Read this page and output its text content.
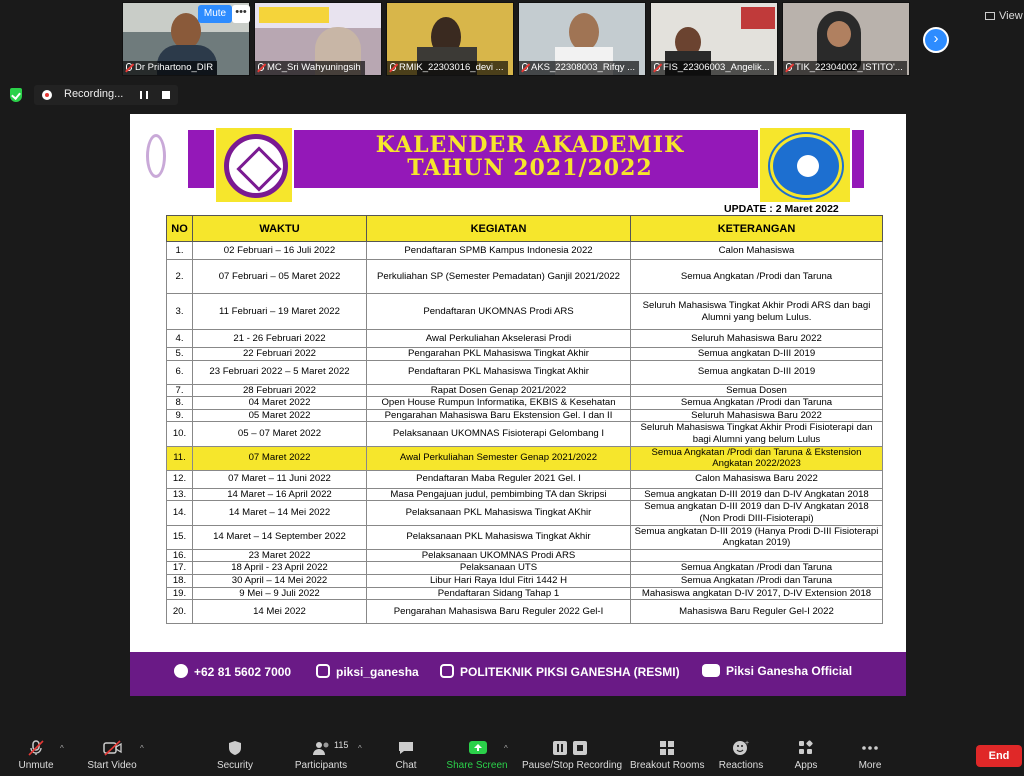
Dr Prihartono_DIR	MC_Sri Wahyuningsih	RMIK_22303016_devi ...	AKS_22308003_Rifqy ...	FIS_22306003_Angelik...	TIK_22304002_ISTITO'...
Mute •••
›
View
Recording...
KALENDER AKADEMIK
TAHUN 2021/2022
UPDATE : 2 Maret 2022
NO	WAKTU	KEGIATAN	KETERANGAN
1.	02 Februari – 16 Juli 2022	Pendaftaran SPMB Kampus Indonesia 2022	Calon Mahasiswa
2.	07 Februari – 05 Maret 2022	Perkuliahan SP (Semester Pemadatan) Ganjil 2021/2022	Semua Angkatan /Prodi dan Taruna
3.	11 Februari – 19 Maret 2022	Pendaftaran UKOMNAS Prodi ARS	Seluruh Mahasiswa Tingkat Akhir Prodi ARS dan bagi Alumni yang belum Lulus.
4.	21 - 26 Februari 2022	Awal Perkuliahan Akselerasi Prodi	Seluruh Mahasiswa Baru 2022
5.	22 Februari 2022	Pengarahan PKL Mahasiswa Tingkat Akhir	Semua angkatan D-III 2019
6.	23 Februari 2022 – 5 Maret 2022	Pendaftaran PKL Mahasiswa Tingkat Akhir	Semua angkatan D-III 2019
7.	28 Februari 2022	Rapat Dosen Genap 2021/2022	Semua Dosen
8.	04 Maret 2022	Open House Rumpun Informatika, EKBIS & Kesehatan	Semua Angkatan /Prodi dan Taruna
9.	05 Maret 2022	Pengarahan Mahasiswa Baru Ekstension Gel. I dan II	Seluruh Mahasiswa Baru 2022
10.	05 – 07 Maret 2022	Pelaksanaan UKOMNAS Fisioterapi Gelombang I	Seluruh Mahasiswa Tingkat Akhir Prodi Fisioterapi dan bagi Alumni yang belum Lulus
11.	07 Maret 2022	Awal Perkuliahan Semester Genap 2021/2022	Semua Angkatan /Prodi dan Taruna & Ekstension Angkatan 2022/2023
12.	07 Maret – 11 Juni 2022	Pendaftaran Maba Reguler 2021 Gel. I	Calon Mahasiswa Baru 2022
13.	14 Maret – 16 April 2022	Masa Pengajuan judul, pembimbing TA dan Skripsi	Semua angkatan D-III 2019 dan D-IV Angkatan 2018
14.	14 Maret – 14 Mei 2022	Pelaksanaan PKL Mahasiswa Tingkat AKhir	Semua angkatan D-III 2019 dan D-IV Angkatan 2018 (Non Prodi DIII-Fisioterapi)
15.	14 Maret – 14 September 2022	Pelaksanaan PKL Mahasiswa Tingkat Akhir	Semua angkatan D-III 2019 (Hanya Prodi D-III Fisioterapi Angkatan 2019)
16.	23 Maret 2022	Pelaksanaan UKOMNAS Prodi ARS	
17.	18 April - 23 April 2022	Pelaksanaan UTS	Semua Angkatan /Prodi dan Taruna
18.	30 April – 14 Mei 2022	Libur Hari Raya Idul Fitri 1442 H	Semua Angkatan /Prodi dan Taruna
19.	9 Mei – 9 Juli 2022	Pendaftaran Sidang Tahap 1	Mahasiswa angkatan D-IV 2017, D-IV Extension 2018
20.	14 Mei 2022	Pengarahan Mahasiswa Baru Reguler 2022 Gel-I	Mahasiswa Baru Reguler Gel-I 2022
+62 81 5602 7000	piksi_ganesha	POLITEKNIK PIKSI GANESHA (RESMI)	Piksi Ganesha Official
Unmute
^
Start Video
^
Security	Participants
115 ^
Chat	Share Screen
^
Pause/Stop Recording Breakout Rooms
+
Reactions	Apps	More
End
